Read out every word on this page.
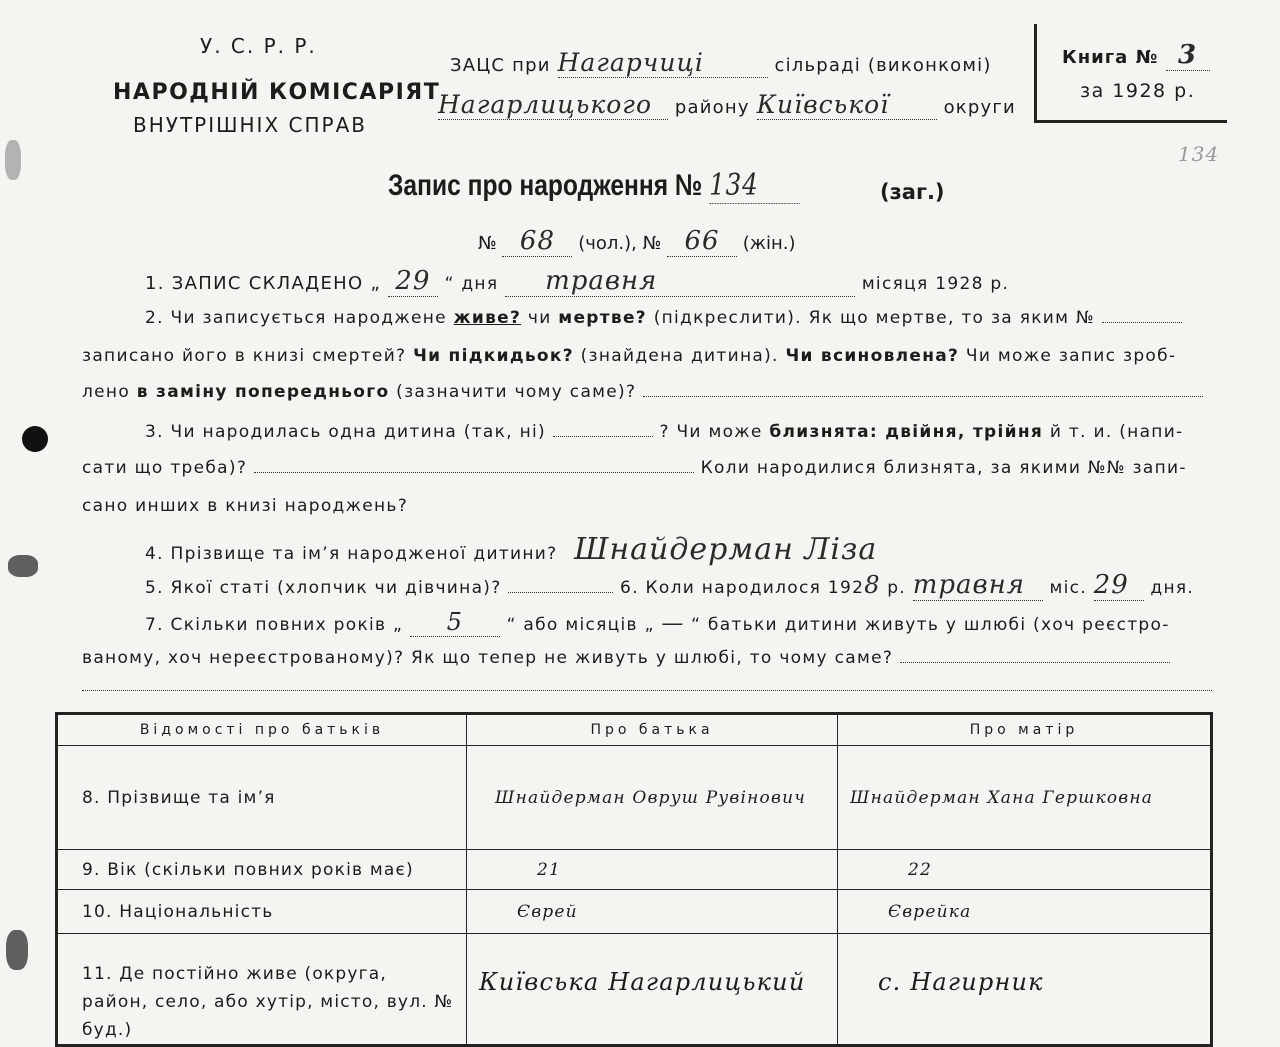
У. С. Р. Р.
НАРОДНІЙ КОМІСАРІЯТ
ВНУТРІШНІХ СПРАВ
ЗАЦС при Нагарчиці	сільраді (виконкомі)
Нагарлицького району Київської	округи
Книга № 3
за 1928 р.
134
Запис про народження № 134	(заг.)
№ 68 (чол.), № 66 (жін.)
1. ЗАПИС СКЛАДЕНО „ 29 “ дня травня	місяця 1928 р.
2. Чи записується народжене живе? чи мертве? (підкреслити). Як що мертве, то за яким №
записано його в книзі смертей? Чи підкидьок? (знайдена дитина). Чи всиновлена? Чи може запис зроб-
лено в заміну попереднього (зазначити чому саме)?
3. Чи народилась одна дитина (так, ні)	? Чи може близнята: двійня, трійня й т. и. (напи-
сати що треба)?	Коли народилися близнята, за якими №№ запи-
сано инших в книзі народжень?
4. Прізвище та ім’я народженої дитини? Шнайдерман Ліза
5. Якої статі (хлопчик чи дівчина)?	6. Коли народилося 1928 р. травня міс. 29 дня.
7. Скільки повних років „ 5	“ або місяців „ — “ батьки дитини живуть у шлюбі (хоч реєстро-
ваному, хоч нереєстрованому)? Як що тепер не живуть у шлюбі, то чому саме?
Відомості про батьків	Про батька	Про матір
8. Прізвище та ім’я	Шнайдерман Овруш Рувінович	Шнайдерман Хана Гершковна
9. Вік (скільки повних років має)	21	22
10. Національність	Єврей	Єврейка
11. Де постійно живе (округа, район, село, або хутір, місто, вул. № буд.)	Київська Нагарлицький	с. Нагирник
